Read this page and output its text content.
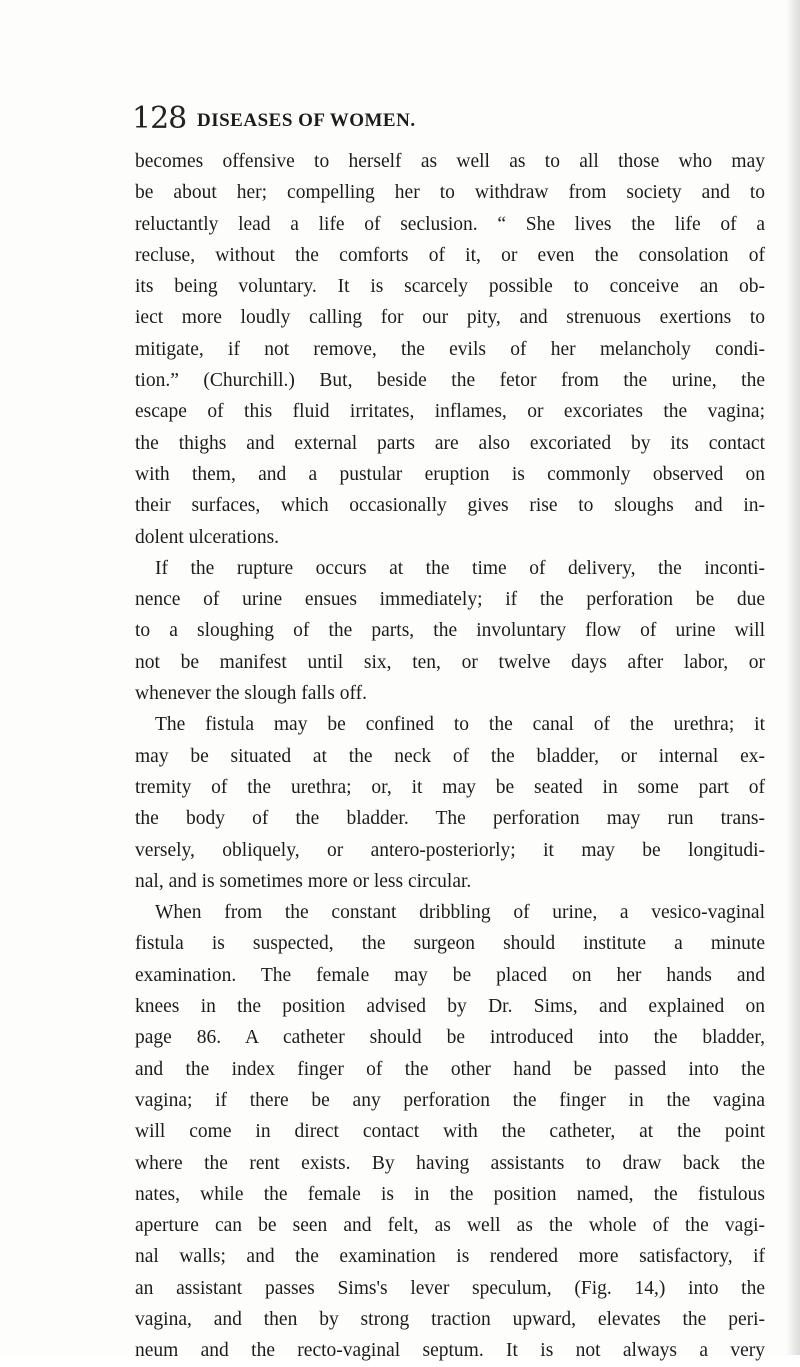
128 DISEASES OF WOMEN.
becomes offensive to herself as well as to all those who may
be about her; compelling her to withdraw from society and to
reluctantly lead a life of seclusion. “ She lives the life of a
recluse, without the comforts of it, or even the consolation of
its being voluntary. It is scarcely possible to conceive an ob-
iect more loudly calling for our pity, and strenuous exertions to
mitigate, if not remove, the evils of her melancholy condi-
tion.” (Churchill.) But, beside the fetor from the urine, the
escape of this fluid irritates, inflames, or excoriates the vagina;
the thighs and external parts are also excoriated by its contact
with them, and a pustular eruption is commonly observed on
their surfaces, which occasionally gives rise to sloughs and in-
dolent ulcerations.
If the rupture occurs at the time of delivery, the inconti-
nence of urine ensues immediately; if the perforation be due
to a sloughing of the parts, the involuntary flow of urine will
not be manifest until six, ten, or twelve days after labor, or
whenever the slough falls off.
The fistula may be confined to the canal of the urethra; it
may be situated at the neck of the bladder, or internal ex-
tremity of the urethra; or, it may be seated in some part of
the body of the bladder. The perforation may run trans-
versely, obliquely, or antero-posteriorly; it may be longitudi-
nal, and is sometimes more or less circular.
When from the constant dribbling of urine, a vesico-vaginal
fistula is suspected, the surgeon should institute a minute
examination. The female may be placed on her hands and
knees in the position advised by Dr. Sims, and explained on
page 86. A catheter should be introduced into the bladder,
and the index finger of the other hand be passed into the
vagina; if there be any perforation the finger in the vagina
will come in direct contact with the catheter, at the point
where the rent exists. By having assistants to draw back the
nates, while the female is in the position named, the fistulous
aperture can be seen and felt, as well as the whole of the vagi-
nal walls; and the examination is rendered more satisfactory, if
an assistant passes Sims's lever speculum, (Fig. 14,) into the
vagina, and then by strong traction upward, elevates the peri-
neum and the recto-vaginal septum. It is not always a very
